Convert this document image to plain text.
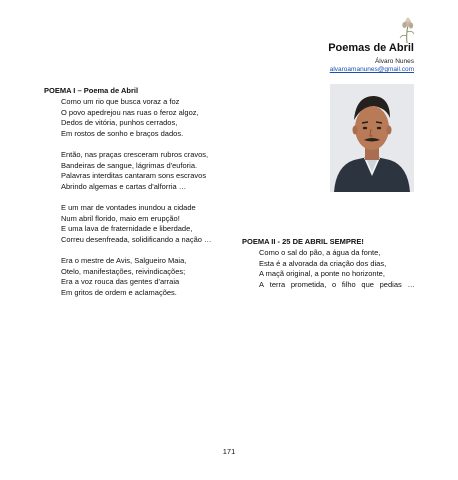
Poemas de Abril
Álvaro Nunes
alvaroamanunes@gmail.com
POEMA I – Poema de Abril
Como um rio que busca voraz a foz
O povo apedrejou nas ruas o feroz algoz,
Dedos de vitória, punhos cerrados,
Em rostos de sonho e braços dados.
Então, nas praças cresceram rubros cravos,
Bandeiras de sangue, lágrimas d'euforia.
Palavras interditas cantaram sons escravos
Abrindo algemas e cartas d'alforria …
E um mar de vontades inundou a cidade
Num abril florido, maio em erupção!
E uma lava de fraternidade e liberdade,
Correu desenfreada, solidificando a nação …
Era o mestre de Avis, Salgueiro Maia,
Otelo, manifestações, reivindicações;
Era a voz rouca das gentes d'arraia
Em gritos de ordem e aclamações.
POEMA II - 25 DE ABRIL SEMPRE!
Como o sal do pão, a água da fonte,
Esta é a alvorada da criação dos dias,
A maçã original, a ponte no horizonte,
A terra prometida, o filho que pedias …
171
